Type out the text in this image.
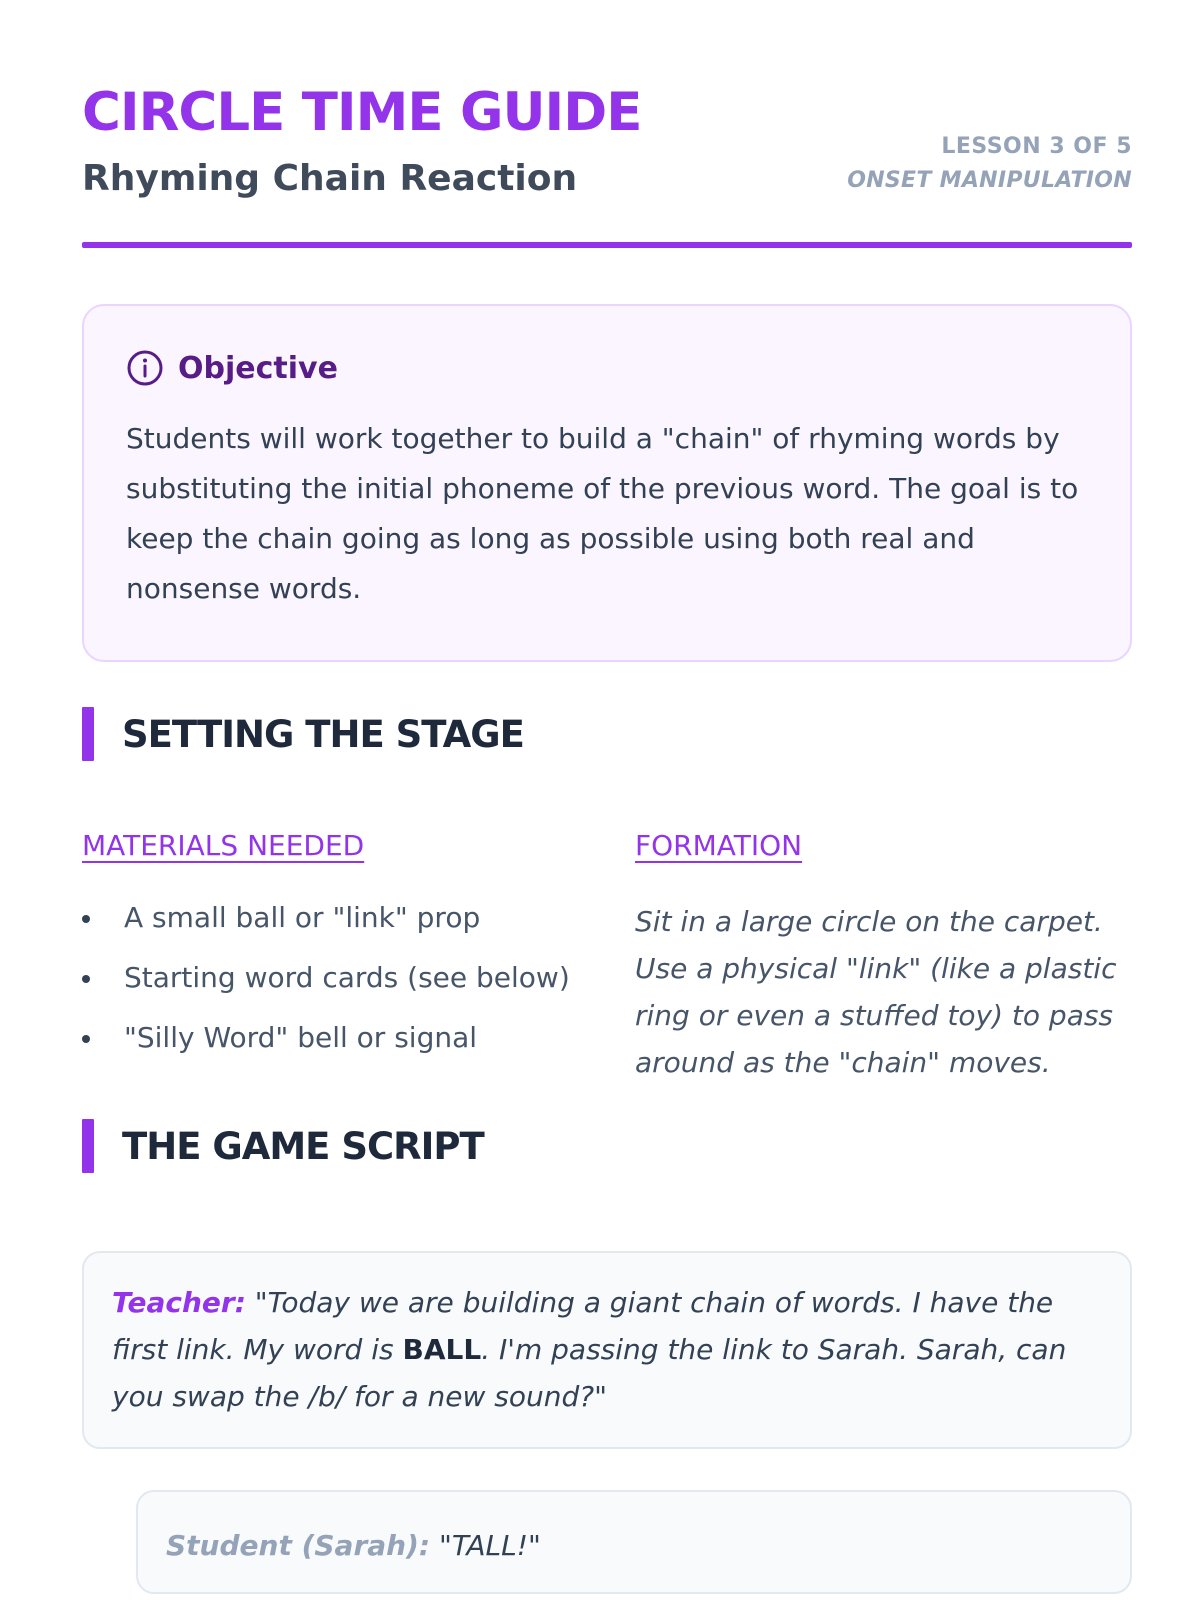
CIRCLE TIME GUIDE
Rhyming Chain Reaction
LESSON 3 OF 5
ONSET MANIPULATION
Objective

Students will work together to build a "chain" of rhyming words by substituting the initial phoneme of the previous word. The goal is to keep the chain going as long as possible using both real and nonsense words.

SETTING THE STAGE
MATERIALS NEEDED
A small ball or "link" prop
Starting word cards (see below)
"Silly Word" bell or signal
FORMATION

Sit in a large circle on the carpet. Use a physical "link" (like a plastic ring or even a stuffed toy) to pass around as the "chain" moves.

THE GAME SCRIPT

Teacher: "Today we are building a giant chain of words. I have the first link. My word is BALL. I'm passing the link to Sarah. Sarah, can you swap the /b/ for a new sound?"

Student (Sarah): "TALL!"
